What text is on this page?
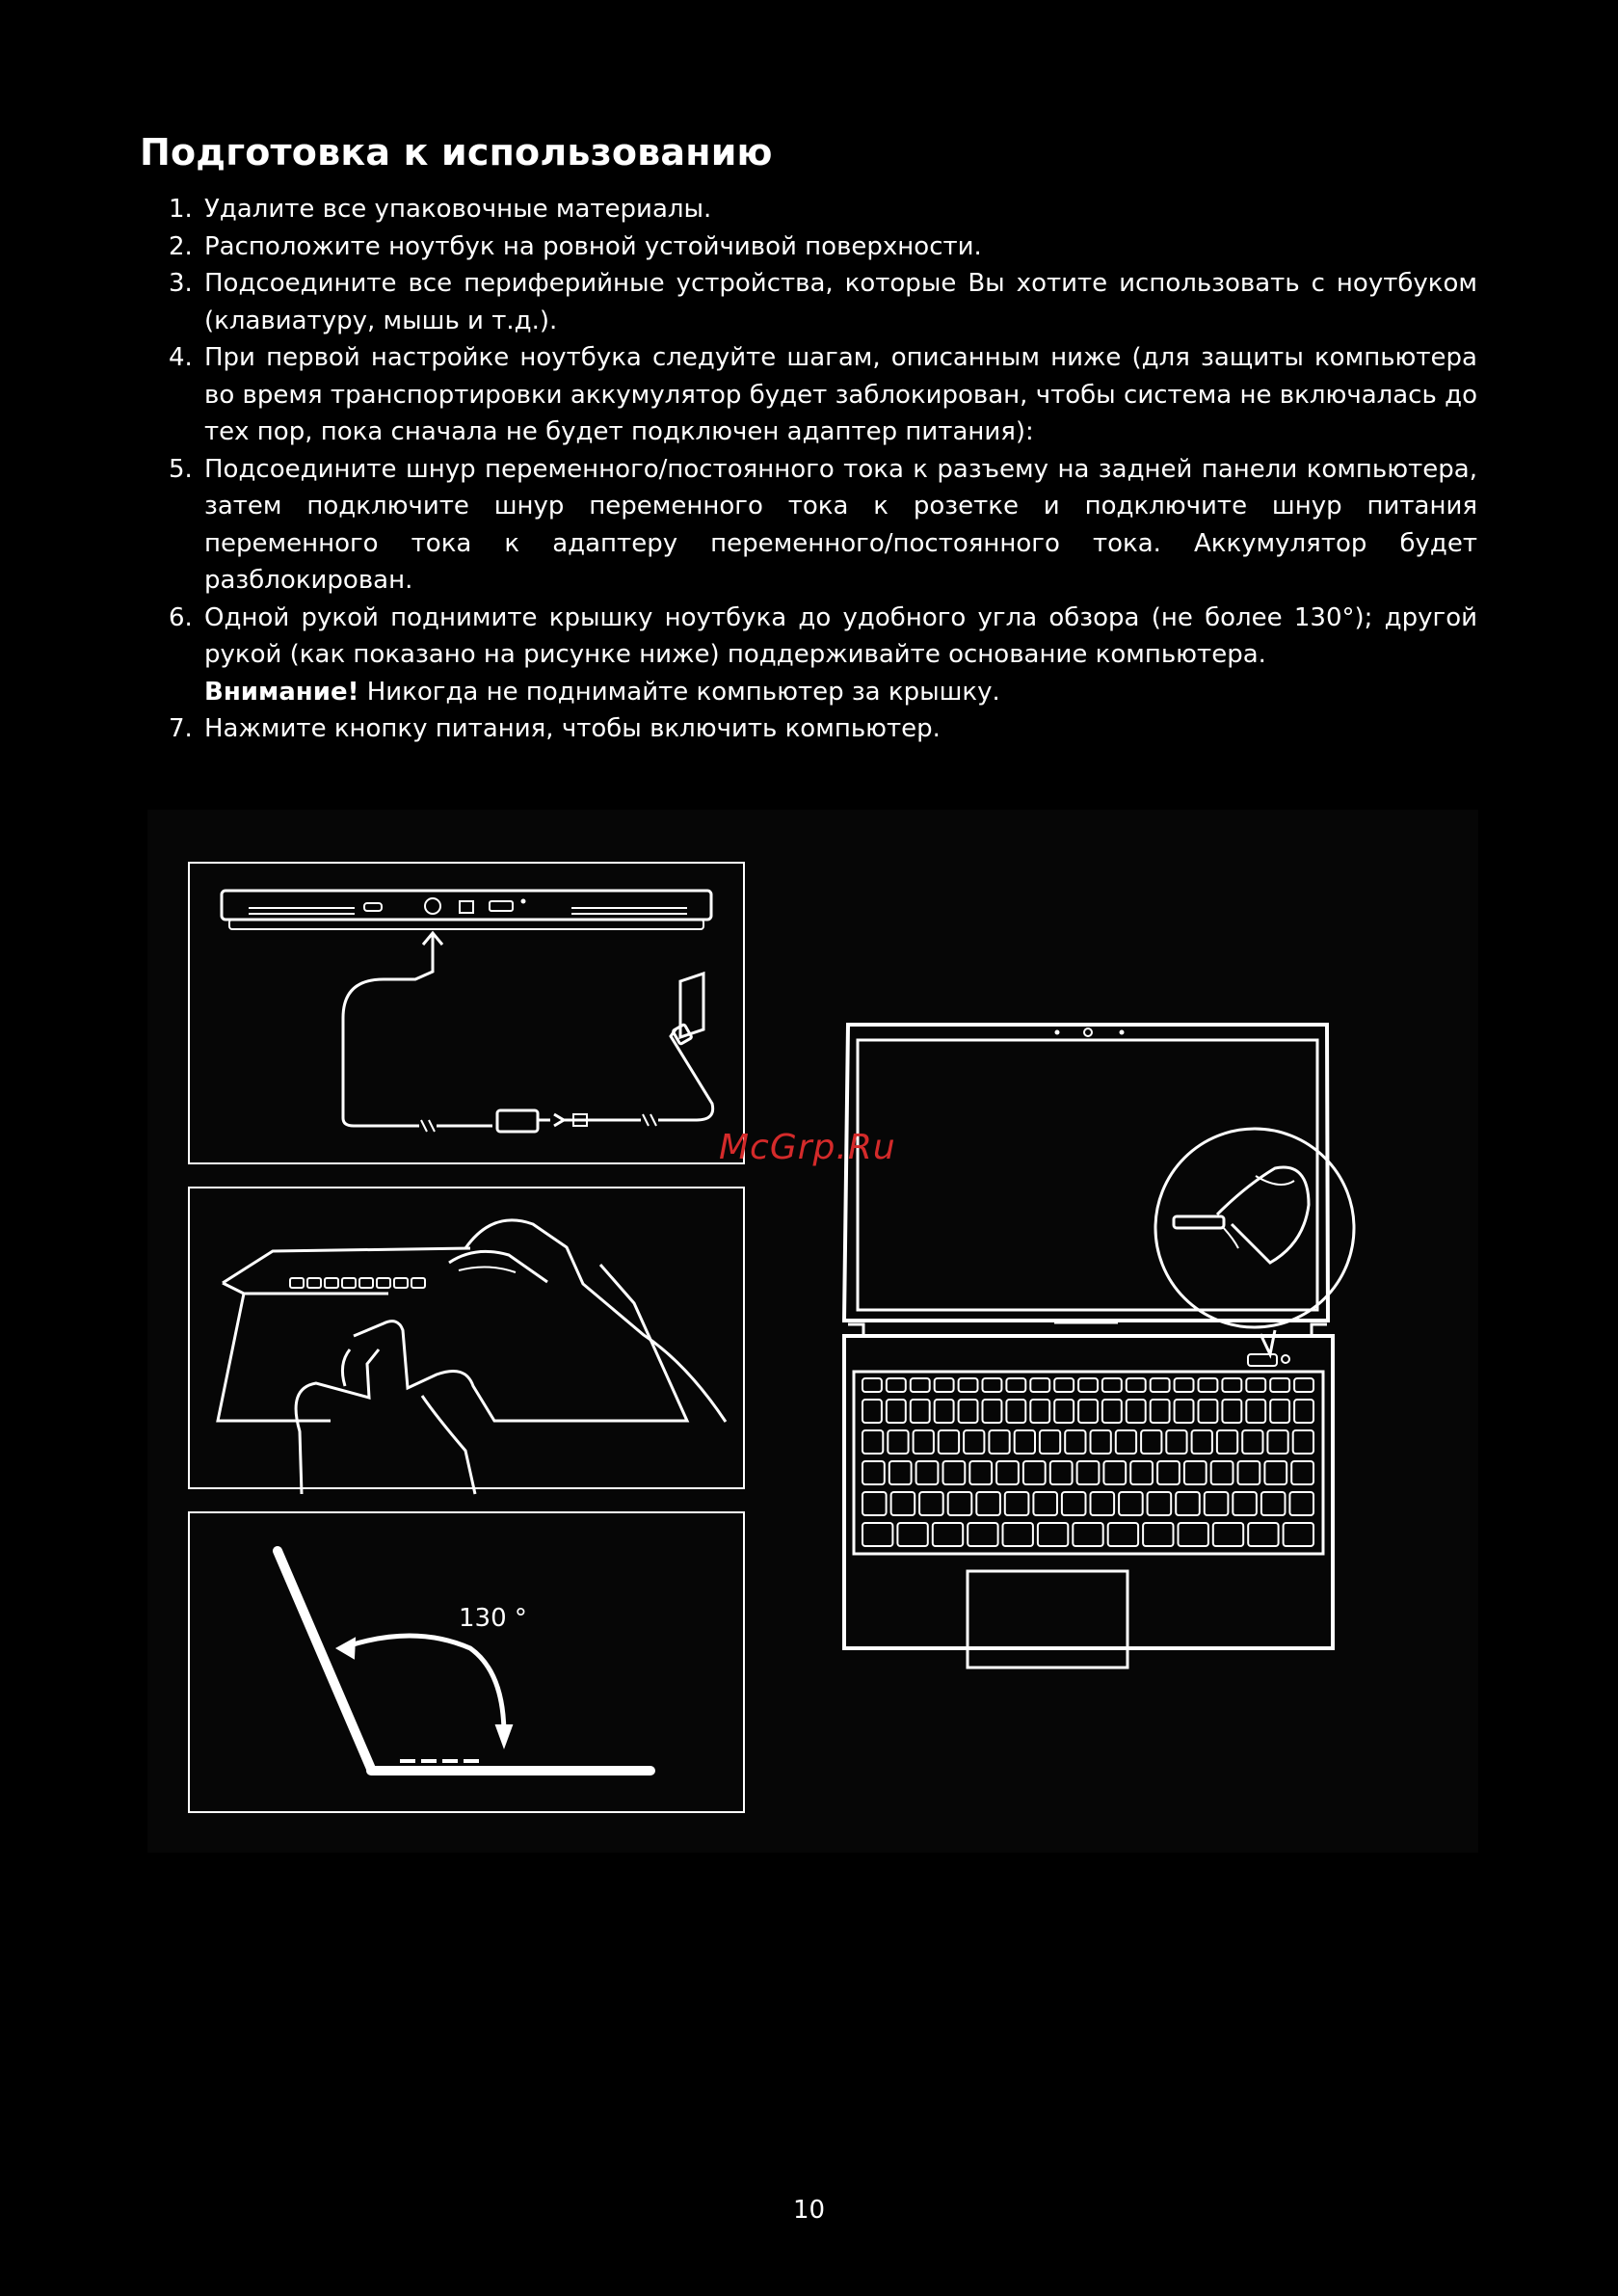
Подготовка к использованию
1. Удалите все упаковочные материалы.
2. Расположите ноутбук на ровной устойчивой поверхности.
3. Подсоедините все периферийные устройства, которые Вы хотите использовать с ноутбуком (клавиатуру, мышь и т.д.).
4. При первой настройке ноутбука следуйте шагам, описанным ниже (для защиты компьютера во время транспортировки аккумулятор будет заблокирован, чтобы система не включалась до тех пор, пока сначала не будет подключен адаптер питания):
5. Подсоедините шнур переменного/постоянного тока к разъему на задней панели компьютера, затем подключите шнур переменного тока к розетке и подключите шнур питания переменного тока к адаптеру переменного/постоянного тока. Аккумулятор будет разблокирован.
6. Одной рукой поднимите крышку ноутбука до удобного угла обзора (не более 130°); другой рукой (как показано на рисунке ниже) поддерживайте основание компьютера.
Внимание! Никогда не поднимайте компьютер за крышку.
7. Нажмите кнопку питания, чтобы включить компьютер.
130 °
McGrp.Ru
10
